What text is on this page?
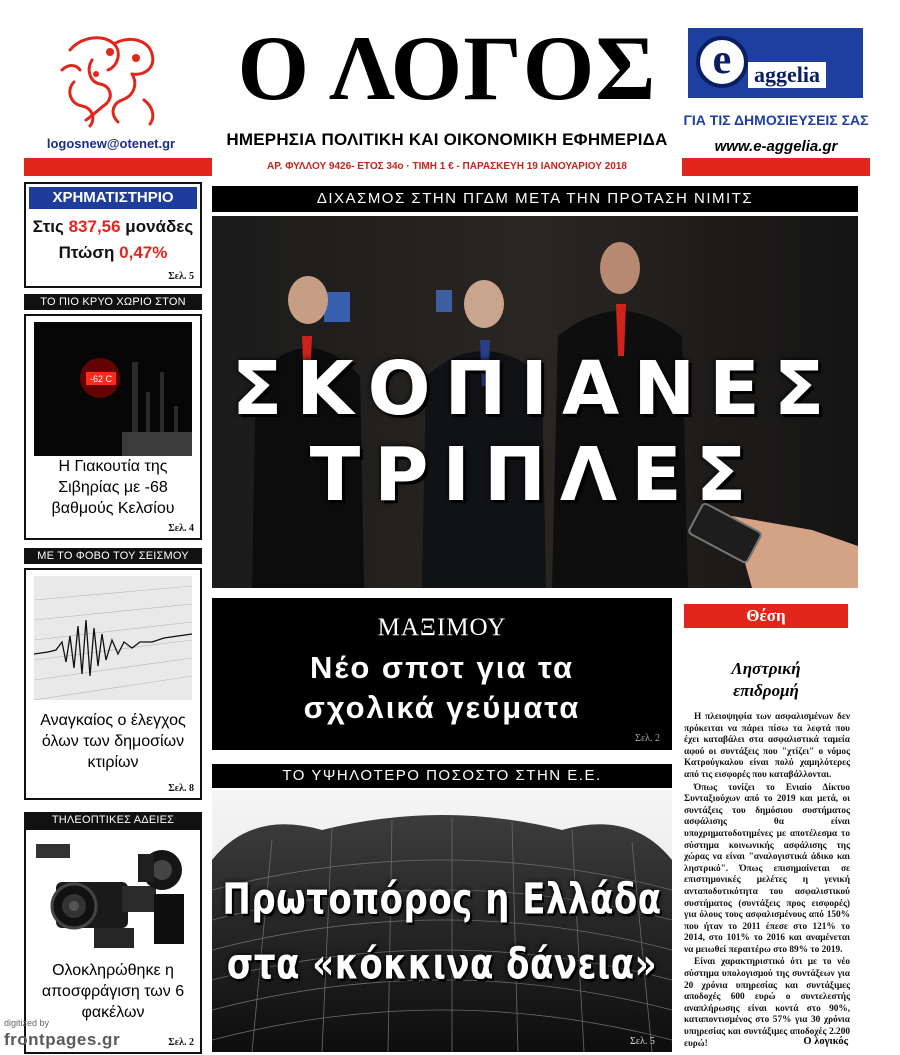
logosnew@otenet.gr
Ο ΛΟΓΟΣ
ΗΜΕΡΗΣΙΑ ΠΟΛΙΤΙΚΗ ΚΑΙ ΟΙΚΟΝΟΜΙΚΗ ΕΦΗΜΕΡΙΔΑ
e	aggelia
ΓΙΑ ΤΙΣ ΔΗΜΟΣΙΕΥΣΕΙΣ ΣΑΣ
www.e-aggelia.gr
ΑΡ. ΦΥΛΛΟΥ 9426- ΕΤΟΣ 34ο · ΤΙΜΗ 1 € - ΠΑΡΑΣΚΕΥΗ 19 ΙΑΝΟΥΑΡΙΟΥ 2018
ΧΡΗΜΑΤΙΣΤΗΡΙΟ
Στις 837,56 μονάδες
Πτώση 0,47%
Σελ. 5
ΤΟ ΠΙΟ ΚΡΥΟ ΧΩΡΙΟ ΣΤΟΝ
-62 C
Η Γιακουτία της Σιβηρίας με -68 βαθμούς Κελσίου
Σελ. 4
ΜΕ ΤΟ ΦΟΒΟ ΤΟΥ ΣΕΙΣΜΟΥ
Αναγκαίος ο έλεγχος όλων των δημοσίων κτιρίων
Σελ. 8
ΤΗΛΕΟΠΤΙΚΕΣ ΑΔΕΙΕΣ
Ολοκληρώθηκε η αποσφράγιση των 6 φακέλων
Σελ. 2
ΔΙΧΑΣΜΟΣ ΣΤΗΝ ΠΓΔΜ ΜΕΤΑ ΤΗΝ ΠΡΟΤΑΣΗ ΝΙΜΙΤΣ
ΣΚΟΠΙΑΝΕΣ
ΤΡΙΠΛΕΣ
ΜΑΞΙΜΟΥ
Νέο σποτ για τα
σχολικά γεύματα
Σελ. 2
ΤΟ ΥΨΗΛΟΤΕΡΟ ΠΟΣΟΣΤΟ ΣΤΗΝ Ε.Ε.
Πρωτοπόρος η Ελλάδα
στα «κόκκινα δάνεια»
Σελ. 5
Θέση
Ληστρική
επιδρομή

Η πλειοψηφία των ασφαλισμένων δεν πρόκειται να πάρει πίσω τα λεφτά που έχει καταβάλει στα ασφαλιστικά ταμεία αφού οι συντάξεις που "χτίζει" ο νόμος Κατρούγκαλου είναι πολύ χαμηλότερες από τις εισφορές που καταβάλλονται.

Όπως τονίζει το Ενιαίο Δίκτυο Συνταξιούχων από το 2019 και μετά, οι συντάξεις του δημόσιου συστήματος ασφάλισης θα είναι υποχρηματοδοτημένες με αποτέλεσμα το σύστημα κοινωνικής ασφάλισης της χώρας να είναι "αναλογιστικά άδικο και ληστρικό". Όπως επισημαίνεται σε επιστημονικές μελέτες η γενική ανταποδοτικότητα του ασφαλιστικού συστήματος (συντάξεις προς εισφορές) για όλους τους ασφαλισμένους από 150% που ήταν το 2011 έπεσε στο 121% το 2014, στο 101% το 2016 και αναμένεται να μειωθεί περαιτέρω στο 89% το 2019.

Είναι χαρακτηριστικό ότι με το νέο σύστημα υπολογισμού της συντάξεων για 20 χρόνια υπηρεσίας και συντάξιμες αποδοχές 600 ευρώ ο συντελεστής αναπλήρωσης είναι κοντά στο 90%, καταποντισμένος στο 57% για 30 χρόνια υπηρεσίας και συντάξιμες αποδοχές 2.200 ευρώ!	Ο λογικός
digitized by
frontpages.gr
